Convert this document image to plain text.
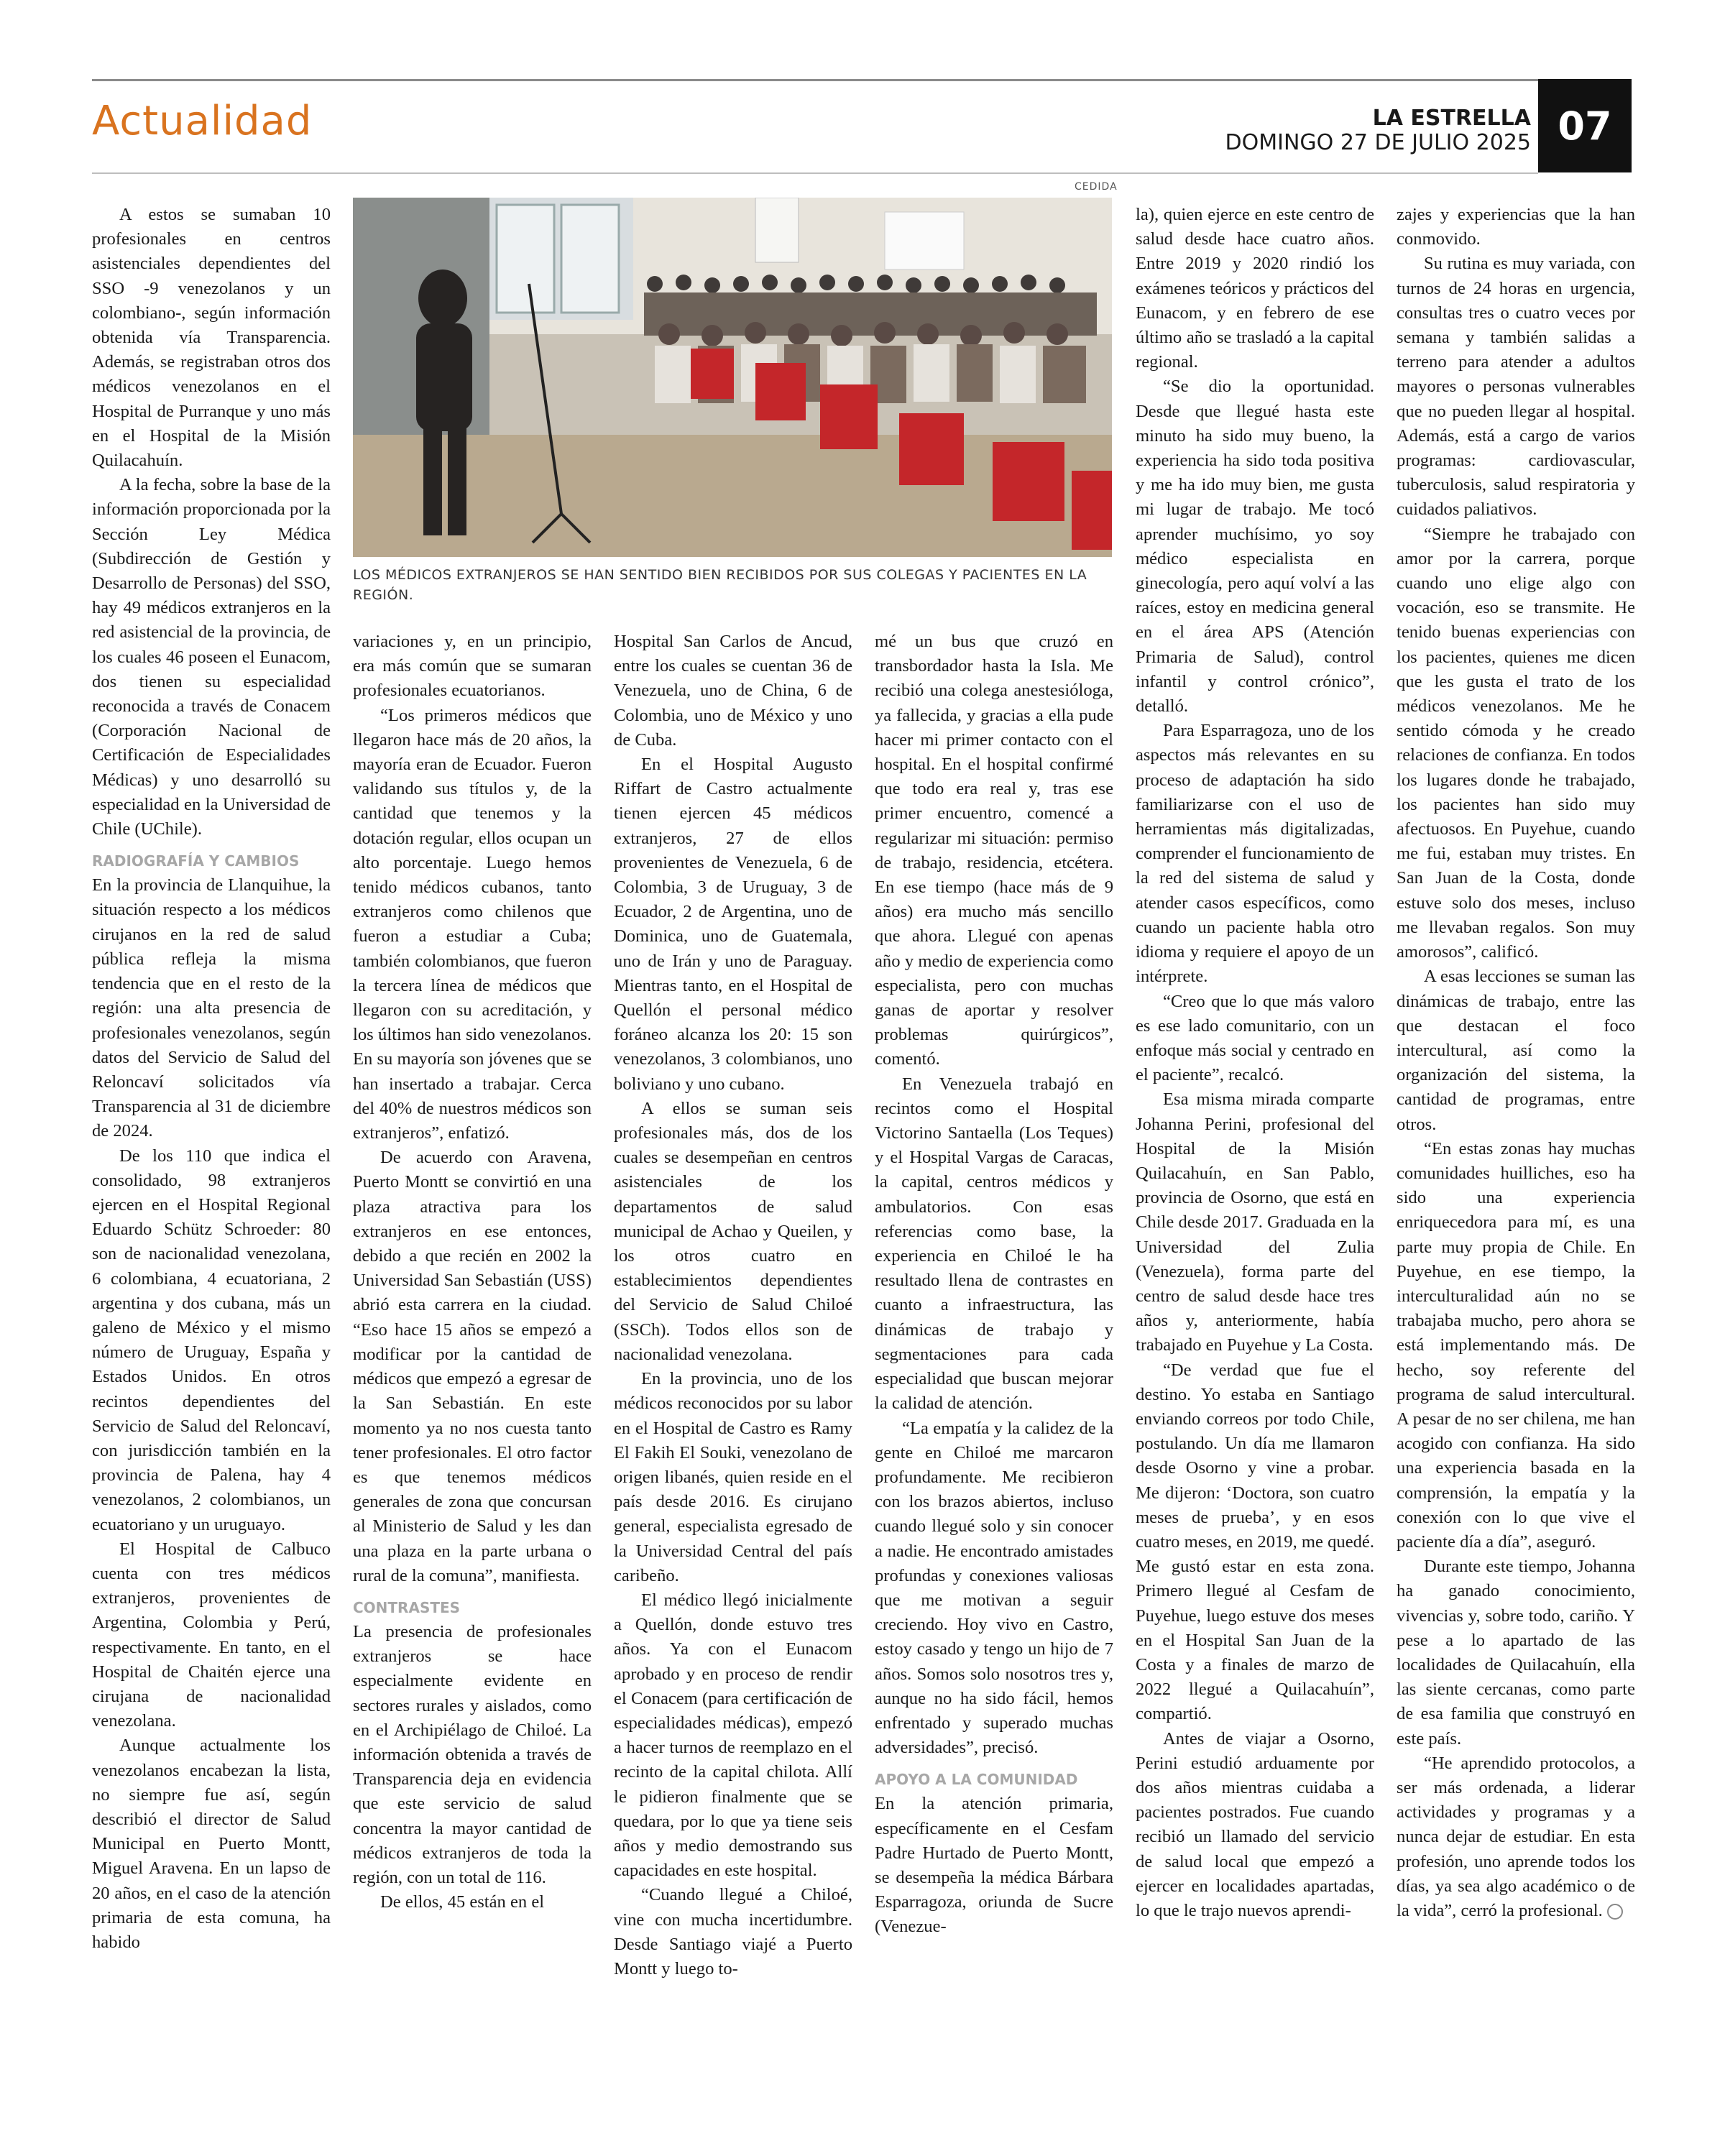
Actualidad	LA ESTRELLA
DOMINGO 27 DE JULIO 2025 07
CEDIDA
LOS MÉDICOS EXTRANJEROS SE HAN SENTIDO BIEN RECIBIDOS POR SUS COLEGAS Y PACIENTES EN LA REGIÓN.

A estos se sumaban 10 profesionales en centros asistenciales dependientes del SSO -9 venezolanos y un colombiano-, según información obtenida vía Transparencia. Además, se registraban otros dos médicos venezolanos en el Hospital de Purranque y uno más en el Hospital de la Misión Quilacahuín.

A la fecha, sobre la base de la información proporcionada por la Sección Ley Médica (Subdirección de Gestión y Desarrollo de Personas) del SSO, hay 49 médicos extranjeros en la red asistencial de la provincia, de los cuales 46 poseen el Eunacom, dos tienen su especialidad reconocida a través de Conacem (Corporación Nacional de Certificación de Especialidades Médicas) y uno desarrolló su especialidad en la Universidad de Chile (UChile).

RADIOGRAFÍA Y CAMBIOS

En la provincia de Llanquihue, la situación respecto a los médicos cirujanos en la red de salud pública refleja la misma tendencia que en el resto de la región: una alta presencia de profesionales venezolanos, según datos del Servicio de Salud del Reloncaví solicitados vía Transparencia al 31 de diciembre de 2024.

De los 110 que indica el consolidado, 98 extranjeros ejercen en el Hospital Regional Eduardo Schütz Schroeder: 80 son de nacionalidad venezolana, 6 colombiana, 4 ecuatoriana, 2 argentina y dos cubana, más un galeno de México y el mismo número de Uruguay, España y Estados Unidos. En otros recintos dependientes del Servicio de Salud del Reloncaví, con jurisdicción también en la provincia de Palena, hay 4 venezolanos, 2 colombianos, un ecuatoriano y un uruguayo.

El Hospital de Calbuco cuenta con tres médicos extranjeros, provenientes de Argentina, Colombia y Perú, respectivamente. En tanto, en el Hospital de Chaitén ejerce una cirujana de nacionalidad venezolana.

Aunque actualmente los venezolanos encabezan la lista, no siempre fue así, según describió el director de Salud Municipal en Puerto Montt, Miguel Aravena. En un lapso de 20 años, en el caso de la atención primaria de esta comuna, ha habido

variaciones y, en un principio, era más común que se sumaran profesionales ecuatorianos.

“Los primeros médicos que llegaron hace más de 20 años, la mayoría eran de Ecuador. Fueron validando sus títulos y, de la cantidad que tenemos y la dotación regular, ellos ocupan un alto porcentaje. Luego hemos tenido médicos cubanos, tanto extranjeros como chilenos que fueron a estudiar a Cuba; también colombianos, que fueron la tercera línea de médicos que llegaron con su acreditación, y los últimos han sido venezolanos. En su mayoría son jóvenes que se han insertado a trabajar. Cerca del 40% de nuestros médicos son extranjeros”, enfatizó.

De acuerdo con Aravena, Puerto Montt se convirtió en una plaza atractiva para los extranjeros en ese entonces, debido a que recién en 2002 la Universidad San Sebastián (USS) abrió esta carrera en la ciudad. “Eso hace 15 años se empezó a modificar por la cantidad de médicos que empezó a egresar de la San Sebastián. En este momento ya no nos cuesta tanto tener profesionales. El otro factor es que tenemos médicos generales de zona que concursan al Ministerio de Salud y les dan una plaza en la parte urbana o rural de la comuna”, manifiesta.

CONTRASTES

La presencia de profesionales extranjeros se hace especialmente evidente en sectores rurales y aislados, como en el Archipiélago de Chiloé. La información obtenida a través de Transparencia deja en evidencia que este servicio de salud concentra la mayor cantidad de médicos extranjeros de toda la región, con un total de 116.

De ellos, 45 están en el

Hospital San Carlos de Ancud, entre los cuales se cuentan 36 de Venezuela, uno de China, 6 de Colombia, uno de México y uno de Cuba.

En el Hospital Augusto Riffart de Castro actualmente tienen ejercen 45 médicos extranjeros, 27 de ellos provenientes de Venezuela, 6 de Colombia, 3 de Uruguay, 3 de Ecuador, 2 de Argentina, uno de Dominica, uno de Guatemala, uno de Irán y uno de Paraguay. Mientras tanto, en el Hospital de Quellón el personal médico foráneo alcanza los 20: 15 son venezolanos, 3 colombianos, uno boliviano y uno cubano.

A ellos se suman seis profesionales más, dos de los cuales se desempeñan en centros asistenciales de los departamentos de salud municipal de Achao y Queilen, y los otros cuatro en establecimientos dependientes del Servicio de Salud Chiloé (SSCh). Todos ellos son de nacionalidad venezolana.

En la provincia, uno de los médicos reconocidos por su labor en el Hospital de Castro es Ramy El Fakih El Souki, venezolano de origen libanés, quien reside en el país desde 2016. Es cirujano general, especialista egresado de la Universidad Central del país caribeño.

El médico llegó inicialmente a Quellón, donde estuvo tres años. Ya con el Eunacom aprobado y en proceso de rendir el Conacem (para certificación de especialidades médicas), empezó a hacer turnos de reemplazo en el recinto de la capital chilota. Allí le pidieron finalmente que se quedara, por lo que ya tiene seis años y medio demostrando sus capacidades en este hospital.

“Cuando llegué a Chiloé, vine con mucha incertidumbre. Desde Santiago viajé a Puerto Montt y luego to-

mé un bus que cruzó en transbordador hasta la Isla. Me recibió una colega anestesióloga, ya fallecida, y gracias a ella pude hacer mi primer contacto con el hospital. En el hospital confirmé que todo era real y, tras ese primer encuentro, comencé a regularizar mi situación: permiso de trabajo, residencia, etcétera. En ese tiempo (hace más de 9 años) era mucho más sencillo que ahora. Llegué con apenas año y medio de experiencia como especialista, pero con muchas ganas de aportar y resolver problemas quirúrgicos”, comentó.

En Venezuela trabajó en recintos como el Hospital Victorino Santaella (Los Teques) y el Hospital Vargas de Caracas, la capital, centros médicos y ambulatorios. Con esas referencias como base, la experiencia en Chiloé le ha resultado llena de contrastes en cuanto a infraestructura, las dinámicas de trabajo y segmentaciones para cada especialidad que buscan mejorar la calidad de atención.

“La empatía y la calidez de la gente en Chiloé me marcaron profundamente. Me recibieron con los brazos abiertos, incluso cuando llegué solo y sin conocer a nadie. He encontrado amistades profundas y conexiones valiosas que me motivan a seguir creciendo. Hoy vivo en Castro, estoy casado y tengo un hijo de 7 años. Somos solo nosotros tres y, aunque no ha sido fácil, hemos enfrentado y superado muchas adversidades”, precisó.

APOYO A LA COMUNIDAD

En la atención primaria, específicamente en el Cesfam Padre Hurtado de Puerto Montt, se desempeña la médica Bárbara Esparragoza, oriunda de Sucre (Venezue-

la), quien ejerce en este centro de salud desde hace cuatro años. Entre 2019 y 2020 rindió los exámenes teóricos y prácticos del Eunacom, y en febrero de ese último año se trasladó a la capital regional.

“Se dio la oportunidad. Desde que llegué hasta este minuto ha sido muy bueno, la experiencia ha sido toda positiva y me ha ido muy bien, me gusta mi lugar de trabajo. Me tocó aprender muchísimo, yo soy médico especialista en ginecología, pero aquí volví a las raíces, estoy en medicina general en el área APS (Atención Primaria de Salud), control infantil y control crónico”, detalló.

Para Esparragoza, uno de los aspectos más relevantes en su proceso de adaptación ha sido familiarizarse con el uso de herramientas más digitalizadas, comprender el funcionamiento de la red del sistema de salud y atender casos específicos, como cuando un paciente habla otro idioma y requiere el apoyo de un intérprete.

“Creo que lo que más valoro es ese lado comunitario, con un enfoque más social y centrado en el paciente”, recalcó.

Esa misma mirada comparte Johanna Perini, profesional del Hospital de la Misión Quilacahuín, en San Pablo, provincia de Osorno, que está en Chile desde 2017. Graduada en la Universidad del Zulia (Venezuela), forma parte del centro de salud desde hace tres años y, anteriormente, había trabajado en Puyehue y La Costa.

“De verdad que fue el destino. Yo estaba en Santiago enviando correos por todo Chile, postulando. Un día me llamaron desde Osorno y vine a probar. Me dijeron: ‘Doctora, son cuatro meses de prueba’, y en esos cuatro meses, en 2019, me quedé. Me gustó estar en esta zona. Primero llegué al Cesfam de Puyehue, luego estuve dos meses en el Hospital San Juan de la Costa y a finales de marzo de 2022 llegué a Quilacahuín”, compartió.

Antes de viajar a Osorno, Perini estudió arduamente por dos años mientras cuidaba a pacientes postrados. Fue cuando recibió un llamado del servicio de salud local que empezó a ejercer en localidades apartadas, lo que le trajo nuevos aprendi-

zajes y experiencias que la han conmovido.

Su rutina es muy variada, con turnos de 24 horas en urgencia, consultas tres o cuatro veces por semana y también salidas a terreno para atender a adultos mayores o personas vulnerables que no pueden llegar al hospital. Además, está a cargo de varios programas: cardiovascular, tuberculosis, salud respiratoria y cuidados paliativos.

“Siempre he trabajado con amor por la carrera, porque cuando uno elige algo con vocación, eso se transmite. He tenido buenas experiencias con los pacientes, quienes me dicen que les gusta el trato de los médicos venezolanos. Me he sentido cómoda y he creado relaciones de confianza. En todos los lugares donde he trabajado, los pacientes han sido muy afectuosos. En Puyehue, cuando me fui, estaban muy tristes. En San Juan de la Costa, donde estuve solo dos meses, incluso me llevaban regalos. Son muy amorosos”, calificó.

A esas lecciones se suman las dinámicas de trabajo, entre las que destacan el foco intercultural, así como la organización del sistema, la cantidad de programas, entre otros.

“En estas zonas hay muchas comunidades huilliches, eso ha sido una experiencia enriquecedora para mí, es una parte muy propia de Chile. En Puyehue, en ese tiempo, la interculturalidad aún no se trabajaba mucho, pero ahora se está implementando más. De hecho, soy referente del programa de salud intercultural. A pesar de no ser chilena, me han acogido con confianza. Ha sido una experiencia basada en la comprensión, la empatía y la conexión con lo que vive el paciente día a día”, aseguró.

Durante este tiempo, Johanna ha ganado conocimiento, vivencias y, sobre todo, cariño. Y pese a lo apartado de las localidades de Quilacahuín, ella las siente cercanas, como parte de esa familia que construyó en este país.

“He aprendido protocolos, a ser más ordenada, a liderar actividades y programas y a nunca dejar de estudiar. En esta profesión, uno aprende todos los días, ya sea algo académico o de la vida”, cerró la profesional.
